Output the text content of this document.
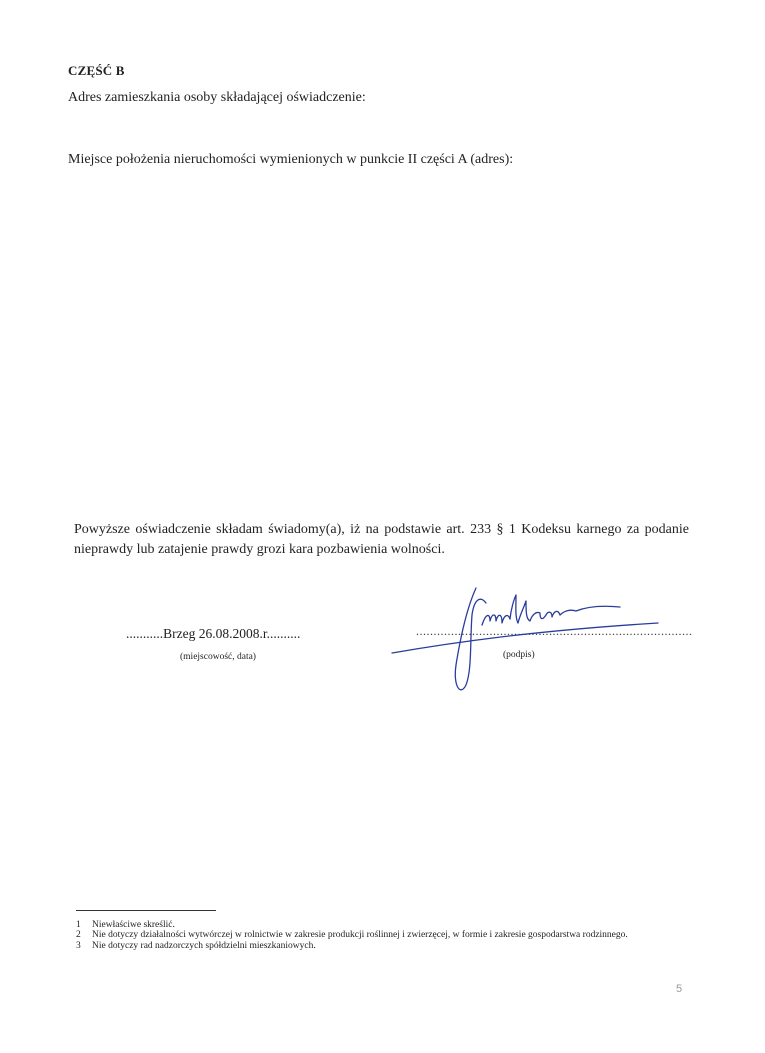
CZĘŚĆ B
Adres zamieszkania osoby składającej oświadczenie:
Miejsce położenia nieruchomości wymienionych w punkcie II części A (adres):
Powyższe oświadczenie składam świadomy(a), iż na podstawie art. 233 § 1 Kodeksu karnego za podanie nieprawdy lub zatajenie prawdy grozi kara pozbawienia wolności.
...........Brzeg 26.08.2008.r..........
(miejscowość, data)
...............................................................................
(podpis)
1 Niewłaściwe skreślić.
2 Nie dotyczy działalności wytwórczej w rolnictwie w zakresie produkcji roślinnej i zwierzęcej, w formie i zakresie gospodarstwa rodzinnego.
3 Nie dotyczy rad nadzorczych spółdzielni mieszkaniowych.
5
